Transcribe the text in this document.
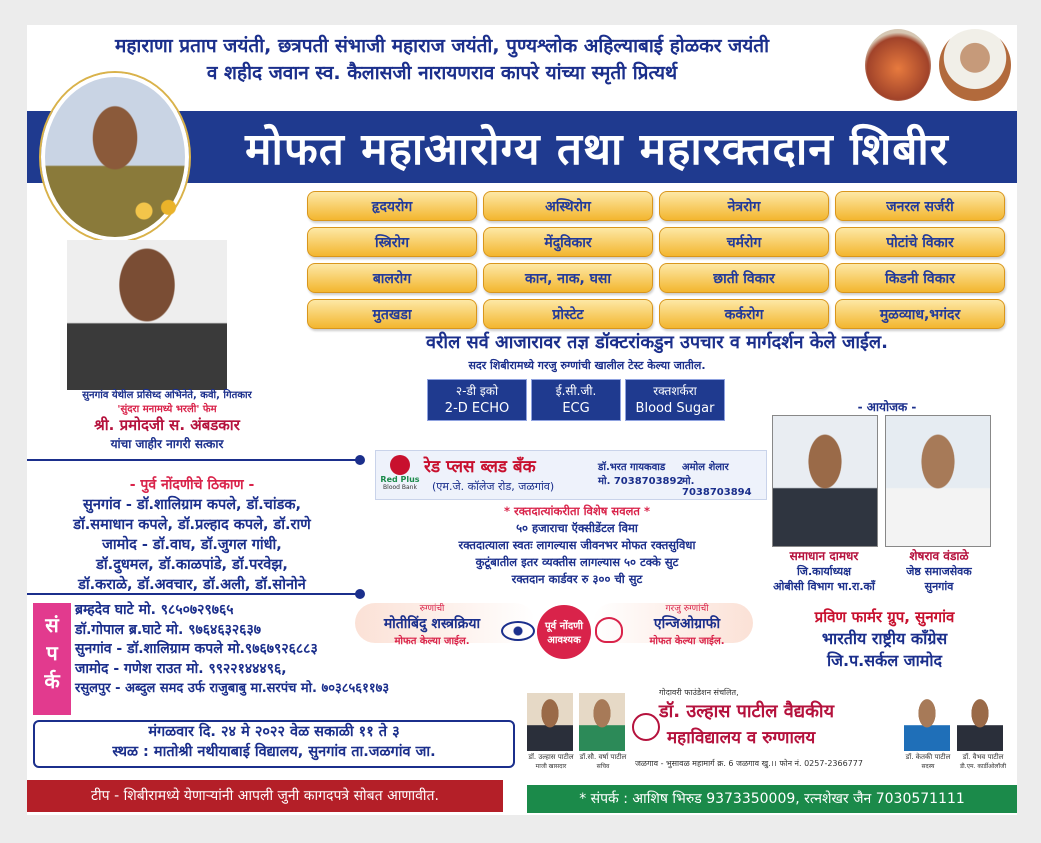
महाराणा प्रताप जयंती, छत्रपती संभाजी महाराज जयंती, पुण्यश्लोक अहिल्याबाई होळकर जयंती
व शहीद जवान स्व. कैलासजी नारायणराव कापरे यांच्या स्मृती प्रित्यर्थ
मोफत महाआरोग्य तथा महारक्तदान शिबीर
सुनगांव येथील प्रसिध्द अभिनेते, कवी, गितकार
'सुंदरा मनामध्ये भरली' फेम
श्री. प्रमोदजी स. अंबडकार
यांचा जाहीर नागरी सत्कार
हृदयरोग	अस्थिरोग	नेत्ररोग	जनरल सर्जरी
स्त्रिरोग	मेंदुविकार	चर्मरोग	पोटांचे विकार
बालरोग	कान, नाक, घसा	छाती विकार	किडनी विकार
मुतखडा	प्रोस्टेट	कर्करोग	मुळव्याध,भगंदर
वरील सर्व आजारावर तज्ञ डॉक्टरांकडुन उपचार व मार्गदर्शन केले जाईल.
सदर शिबीरामध्ये गरजु रुग्णांची खालील टेस्ट केल्या जातील.
२-डी इको
2-D ECHO
ई.सी.जी.
ECG
रक्तशर्करा
Blood Sugar
- पुर्व नोंदणीचे ठिकाण -
सुनगांव - डॉ.शालिग्राम कपले, डॉ.चांडक,
डॉ.समाधान कपले, डॉ.प्रल्हाद कपले, डॉ.राणे
जामोद - डॉ.वाघ, डॉ.जुगल गांधी,
डॉ.दुधमल, डॉ.काळपांडे, डॉ.परवेझ,
डॉ.कराळे, डॉ.अवचार, डॉ.अली, डॉ.सोनोने
सं
प
र्क
ब्रम्हदेव घाटे मो. ९८५०७२९७६५
डॉ.गोपाल ब्र.घाटे मो. ९७६४६३२६३७
सुनगांव - डॉ.शालिग्राम कपले मो.९७६७९२६८८३
जामोद - गणेश राउत मो. ९९२२१४४४९६,
रसुलपुर - अब्दुल समद उर्फ राजुबाबु मा.सरपंच मो. ७०३८५६११७३
मंगळवार दि. २४ मे २०२२ वेळ सकाळी ११ ते ३
स्थळ : मातोश्री नथीयाबाई विद्यालय, सुनगांव ता.जळगांव जा.
टीप - शिबीरामध्ये येणाऱ्यांनी आपली जुनी कागदपत्रे सोबत आणावीत.
Red Plus
Blood Bank
रेड प्लस ब्लड बँक
(एम.जे. कॉलेज रोड, जळगांव)
डॉ.भरत गायकवाड
मो. 7038703892
अमोल शेलार
मो. 7038703894
* रक्तदात्यांकरीता विशेष सवलत *
५० हजाराचा ऍक्सीडेंटल विमा
रक्तदात्याला स्वतः लागल्यास जीवनभर मोफत रक्तसुविधा
कुटूंबातील इतर व्यक्तीस लागल्यास ५० टक्के सुट
रक्तदान कार्डवर रु ३०० ची सुट
रुग्णांची
मोतीबिंदु शस्त्रक्रिया
मोफत केल्या जाईल.
पूर्व नोंदणी आवश्यक
गरजु रुग्णांची
एन्जिओग्राफी
मोफत केल्या जाईल.
- आयोजक -
समाधान दामधर
जि.कार्याध्यक्ष
ओबीसी विभाग भा.रा.कॉं
शेषराव वंडाळे
जेष्ठ समाजसेवक
सुनगांव
प्रविण फार्मर ग्रुप, सुनगांव
भारतीय राष्ट्रीय काँग्रेस
जि.प.सर्कल जामोद
डॉ. उल्हास पाटील
माजी खासदार
डॉ.सौ. वर्षा पाटील
सचिव
गोदावरी फाउंडेशन संचलित,
डॉ. उल्हास पाटील वैद्यकीय
महाविद्यालय व रुग्णालय
जळगाव - भुसावळ महामार्ग क्र. 6 जळगाव खु.।। फोन नं. 0257-2366777
डॉ. केतकी पाटील
सदस्य
डॉ. वैभव पाटील
डी.एम. कार्डीओलॉजी
* संपर्क : आशिष भिरुड 9373350009, रत्नशेखर जैन 7030571111
